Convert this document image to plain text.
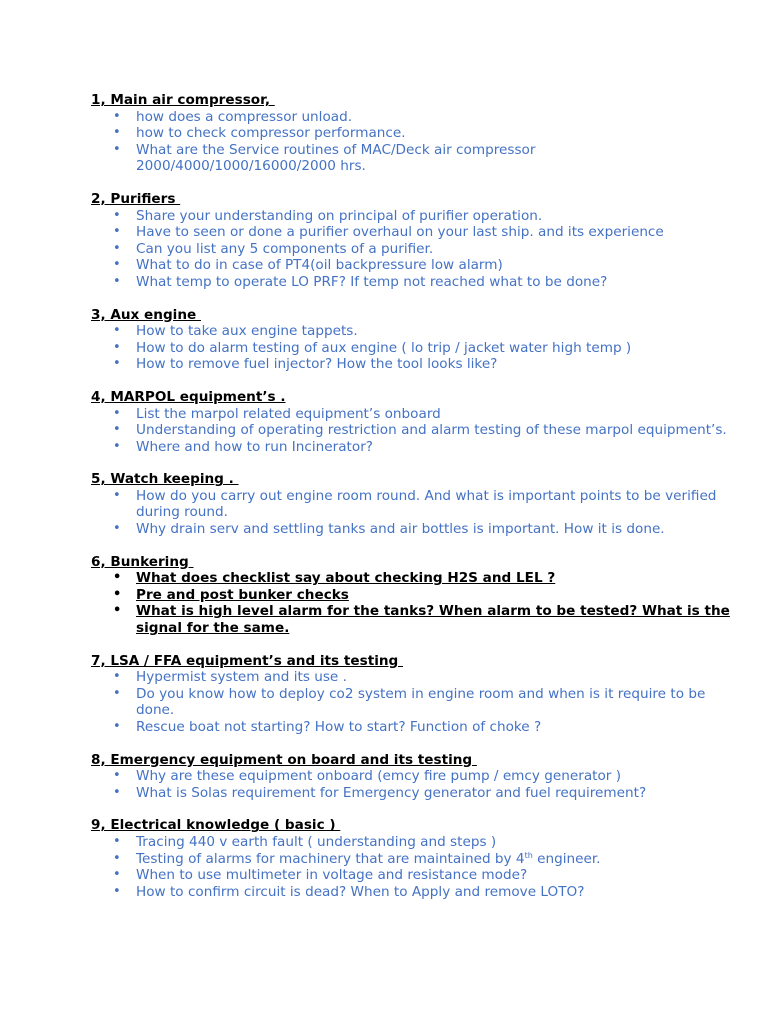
1, Main air compressor,
• how does a compressor unload.
• how to check compressor performance.
• What are the Service routines of MAC/Deck air compressor 2000/4000/1000/16000/2000 hrs.
2, Purifiers
• Share your understanding on principal of purifier operation.
• Have to seen or done a purifier overhaul on your last ship. and its experience
• Can you list any 5 components of a purifier.
• What to do in case of PT4(oil backpressure low alarm)
• What temp to operate LO PRF? If temp not reached what to be done?
3, Aux engine
• How to take aux engine tappets.
• How to do alarm testing of aux engine ( lo trip / jacket water high temp )
• How to remove fuel injector? How the tool looks like?
4, MARPOL equipment’s .
• List the marpol related equipment’s onboard
• Understanding of operating restriction and alarm testing of these marpol equipment’s.
• Where and how to run Incinerator?
5, Watch keeping .
• How do you carry out engine room round. And what is important points to be verified during round.
• Why drain serv and settling tanks and air bottles is important. How it is done.
6, Bunkering
• What does checklist say about checking H2S and LEL ?
• Pre and post bunker checks
• What is high level alarm for the tanks? When alarm to be tested? What is the signal for the same.
7, LSA / FFA equipment’s and its testing
• Hypermist system and its use .
• Do you know how to deploy co2 system in engine room and when is it require to be done.
• Rescue boat not starting? How to start? Function of choke ?
8, Emergency equipment on board and its testing
• Why are these equipment onboard (emcy fire pump / emcy generator )
• What is Solas requirement for Emergency generator and fuel requirement?
9, Electrical knowledge ( basic )
• Tracing 440 v earth fault ( understanding and steps )
• Testing of alarms for machinery that are maintained by 4th engineer.
• When to use multimeter in voltage and resistance mode?
• How to confirm circuit is dead? When to Apply and remove LOTO?
